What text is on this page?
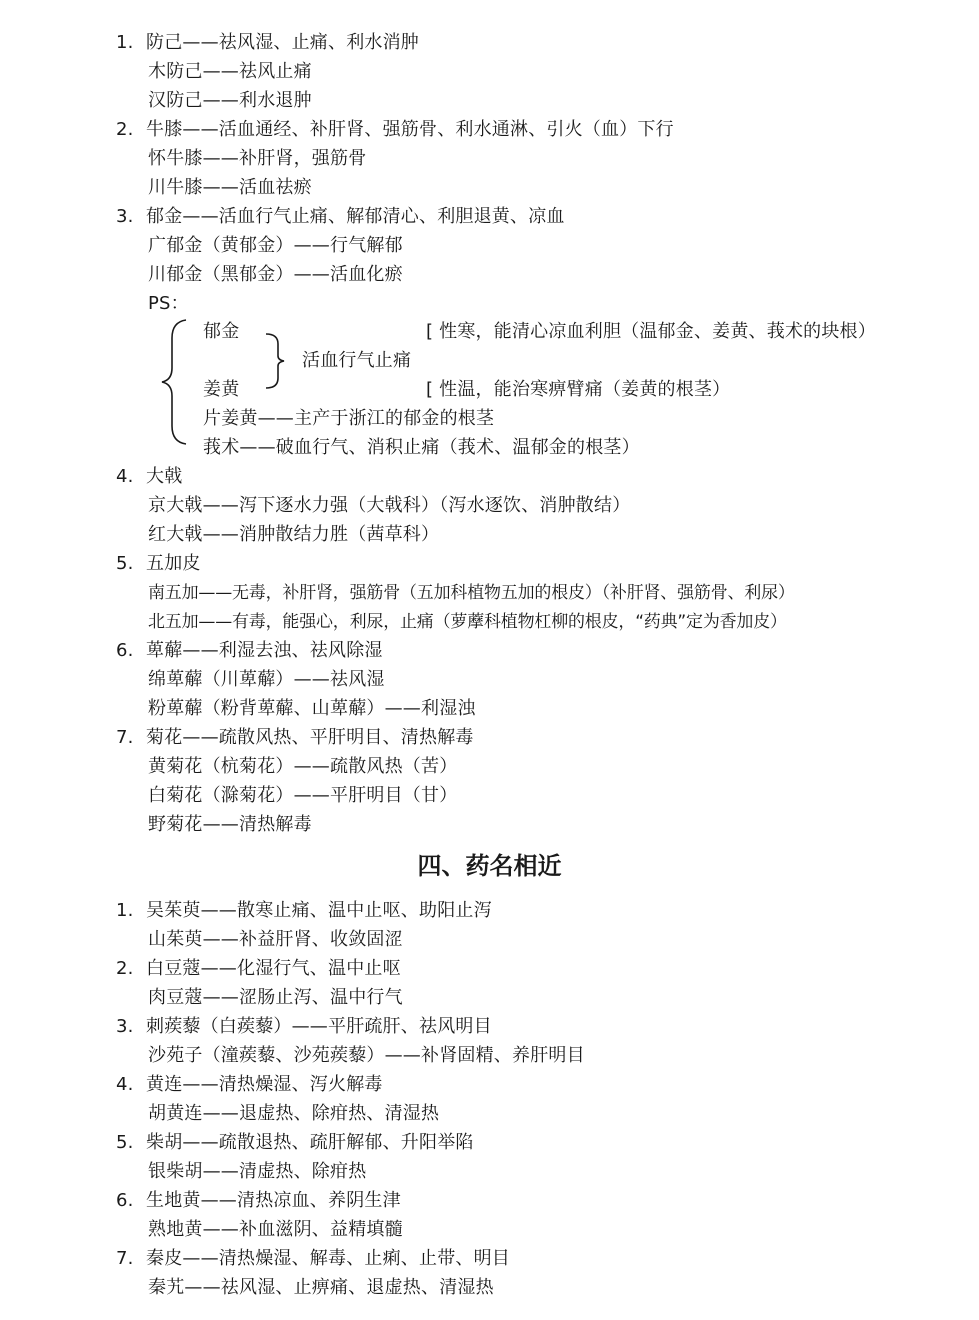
1. 防己——祛风湿、止痛、利水消肿
木防己——祛风止痛
汉防己——利水退肿
2. 牛膝——活血通经、补肝肾、强筋骨、利水通淋、引火（血）下行
怀牛膝——补肝肾，强筋骨
川牛膝——活血祛瘀
3. 郁金——活血行气止痛、解郁清心、利胆退黄、凉血
广郁金（黄郁金）——行气解郁
川郁金（黑郁金）——活血化瘀
PS：
郁金
姜黄
活血行气止痛
[ 性寒，能清心凉血利胆（温郁金、姜黄、莪术的块根）
[ 性温，能治寒痹臂痛（姜黄的根茎）
片姜黄——主产于浙江的郁金的根茎
莪术——破血行气、消积止痛（莪术、温郁金的根茎）
4. 大戟
京大戟——泻下逐水力强（大戟科）（泻水逐饮、消肿散结）
红大戟——消肿散结力胜（茜草科）
5. 五加皮
南五加——无毒，补肝肾，强筋骨（五加科植物五加的根皮）（补肝肾、强筋骨、利尿）
北五加——有毒，能强心，利尿，止痛（萝藦科植物杠柳的根皮，“药典”定为香加皮）
6. 萆薢——利湿去浊、祛风除湿
绵萆薢（川萆薢）——祛风湿
粉萆薢（粉背萆薢、山萆薢）——利湿浊
7. 菊花——疏散风热、平肝明目、清热解毒
黄菊花（杭菊花）——疏散风热（苦）
白菊花（滁菊花）——平肝明目（甘）
野菊花——清热解毒
四、药名相近
1. 吴茱萸——散寒止痛、温中止呕、助阳止泻
山茱萸——补益肝肾、收敛固涩
2. 白豆蔻——化湿行气、温中止呕
肉豆蔻——涩肠止泻、温中行气
3. 刺蒺藜（白蒺藜）——平肝疏肝、祛风明目
沙苑子（潼蒺藜、沙苑蒺藜）——补肾固精、养肝明目
4. 黄连——清热燥湿、泻火解毒
胡黄连——退虚热、除疳热、清湿热
5. 柴胡——疏散退热、疏肝解郁、升阳举陷
银柴胡——清虚热、除疳热
6. 生地黄——清热凉血、养阴生津
熟地黄——补血滋阴、益精填髓
7. 秦皮——清热燥湿、解毒、止痢、止带、明目
秦艽——祛风湿、止痹痛、退虚热、清湿热
